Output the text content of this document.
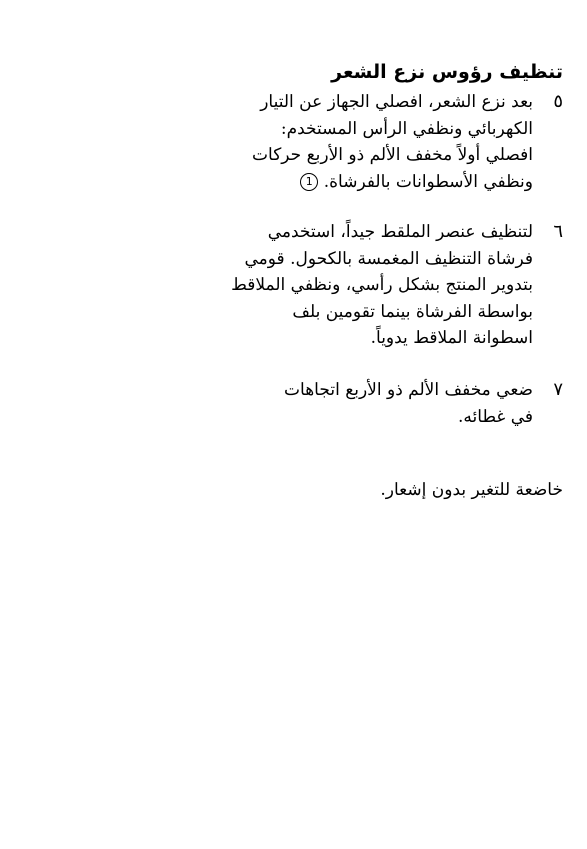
تنظيف رؤوس نزع الشعر
٥
بعد نزع الشعر، افصلي الجهاز عن التيار
الكهربائي ونظفي الرأس المستخدم:
افصلي أولاً مخفف الألم ذو الأربع حركات
ونظفي الأسطوانات بالفرشاة. 1
٦
لتنظيف عنصر الملقط جيداً، استخدمي
فرشاة التنظيف المغمسة بالكحول. قومي
بتدوير المنتج بشكل رأسي، ونظفي الملاقط
بواسطة الفرشاة بينما تقومين بلف
اسطوانة الملاقط يدوياً.
٧
ضعي مخفف الألم ذو الأربع اتجاهات
في غطائه.

خاضعة للتغير بدون إشعار.
